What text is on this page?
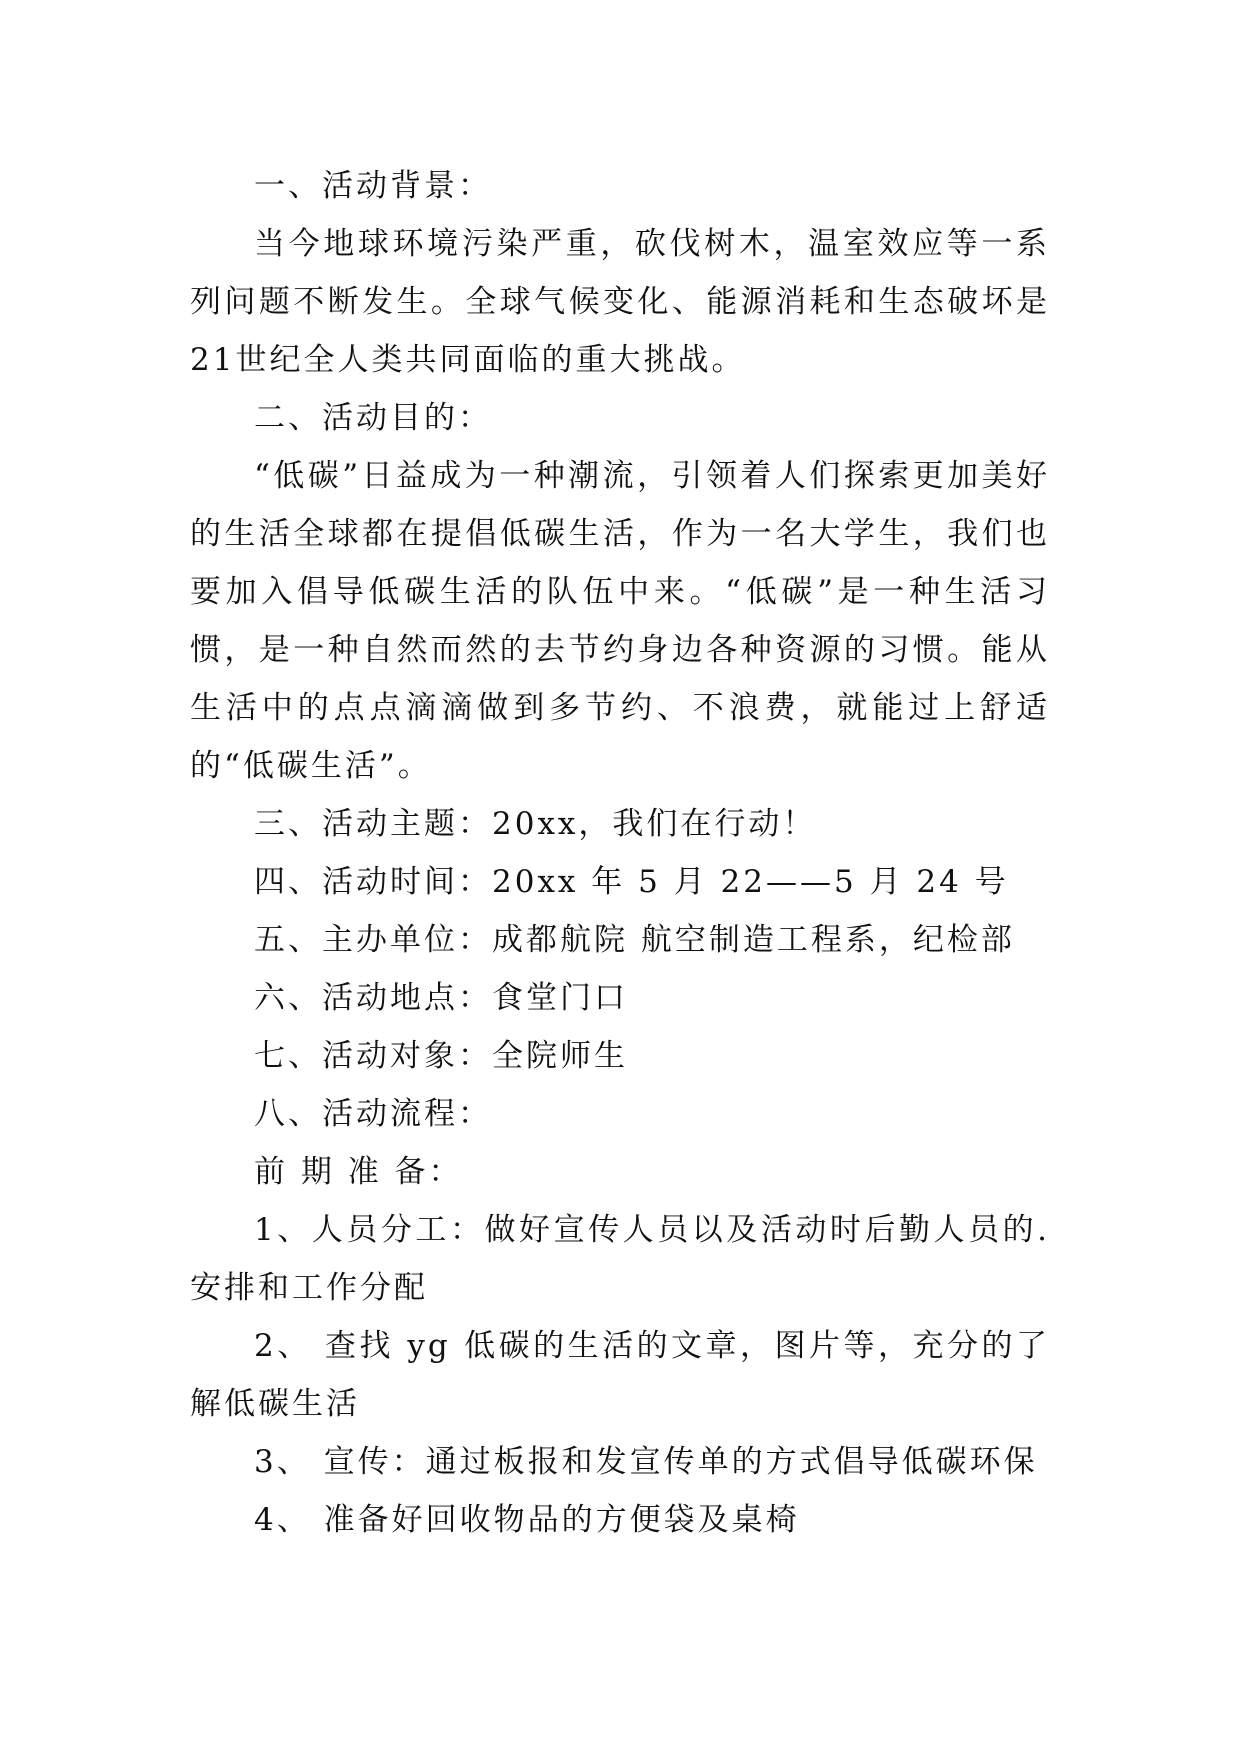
一、活动背景：

当今地球环境污染严重，砍伐树木，温室效应等一系列问题不断发生。全球气候变化、能源消耗和生态破坏是21世纪全人类共同面临的重大挑战。

二、活动目的：

“低碳”日益成为一种潮流，引领着人们探索更加美好的生活全球都在提倡低碳生活，作为一名大学生，我们也要加入倡导低碳生活的队伍中来。“低碳”是一种生活习惯，是一种自然而然的去节约身边各种资源的习惯。能从生活中的点点滴滴做到多节约、不浪费，就能过上舒适的“低碳生活”。

三、活动主题：20xx，我们在行动！

四、活动时间：20xx 年 5 月 22——5 月 24 号

五、主办单位：成都航院 航空制造工程系，纪检部

六、活动地点：食堂门口

七、活动对象：全院师生

八、活动流程：

前 期 准 备：

1、人员分工：做好宣传人员以及活动时后勤人员的.安排和工作分配

2、 查找 yg 低碳的生活的文章，图片等，充分的了解低碳生活

3、 宣传：通过板报和发宣传单的方式倡导低碳环保

4、 准备好回收物品的方便袋及桌椅
